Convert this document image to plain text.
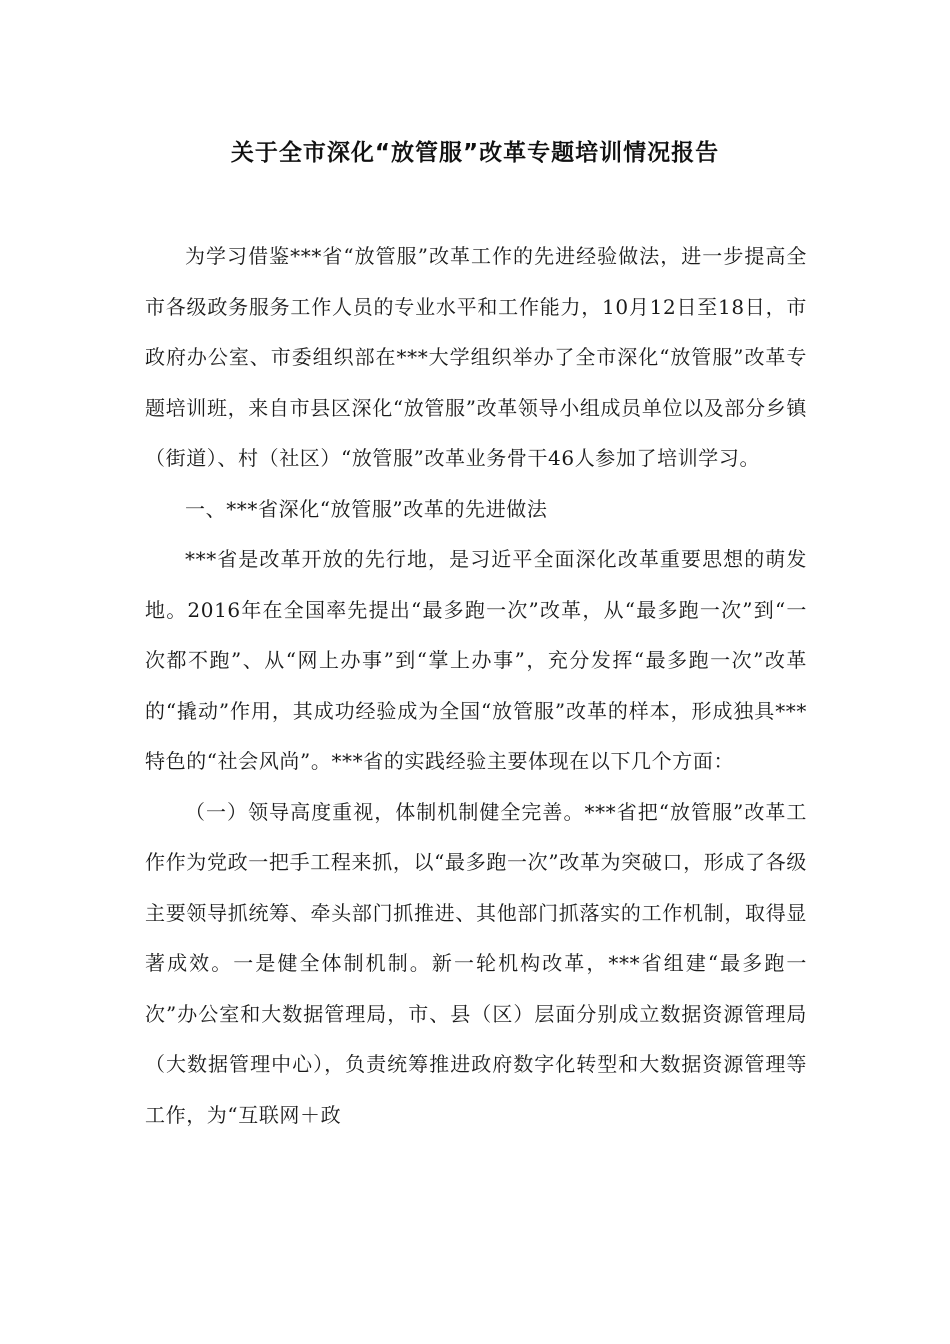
关于全市深化“放管服”改革专题培训情况报告

为学习借鉴***省“放管服”改革工作的先进经验做法，进一步提高全市各级政务服务工作人员的专业水平和工作能力，10月12日至18日，市政府办公室、市委组织部在***大学组织举办了全市深化“放管服”改革专题培训班，来自市县区深化“放管服”改革领导小组成员单位以及部分乡镇（街道）、村（社区）“放管服”改革业务骨干46人参加了培训学习。

一、***省深化“放管服”改革的先进做法

***省是改革开放的先行地，是习近平全面深化改革重要思想的萌发地。2016年在全国率先提出“最多跑一次”改革，从“最多跑一次”到“一次都不跑”、从“网上办事”到“掌上办事”，充分发挥“最多跑一次”改革的“撬动”作用，其成功经验成为全国“放管服”改革的样本，形成独具***特色的“社会风尚”。***省的实践经验主要体现在以下几个方面：

（一）领导高度重视，体制机制健全完善。***省把“放管服”改革工作作为党政一把手工程来抓，以“最多跑一次”改革为突破口，形成了各级主要领导抓统筹、牵头部门抓推进、其他部门抓落实的工作机制，取得显著成效。一是健全体制机制。新一轮机构改革，***省组建“最多跑一次”办公室和大数据管理局，市、县（区）层面分别成立数据资源管理局（大数据管理中心），负责统筹推进政府数字化转型和大数据资源管理等工作，为“互联网＋政
